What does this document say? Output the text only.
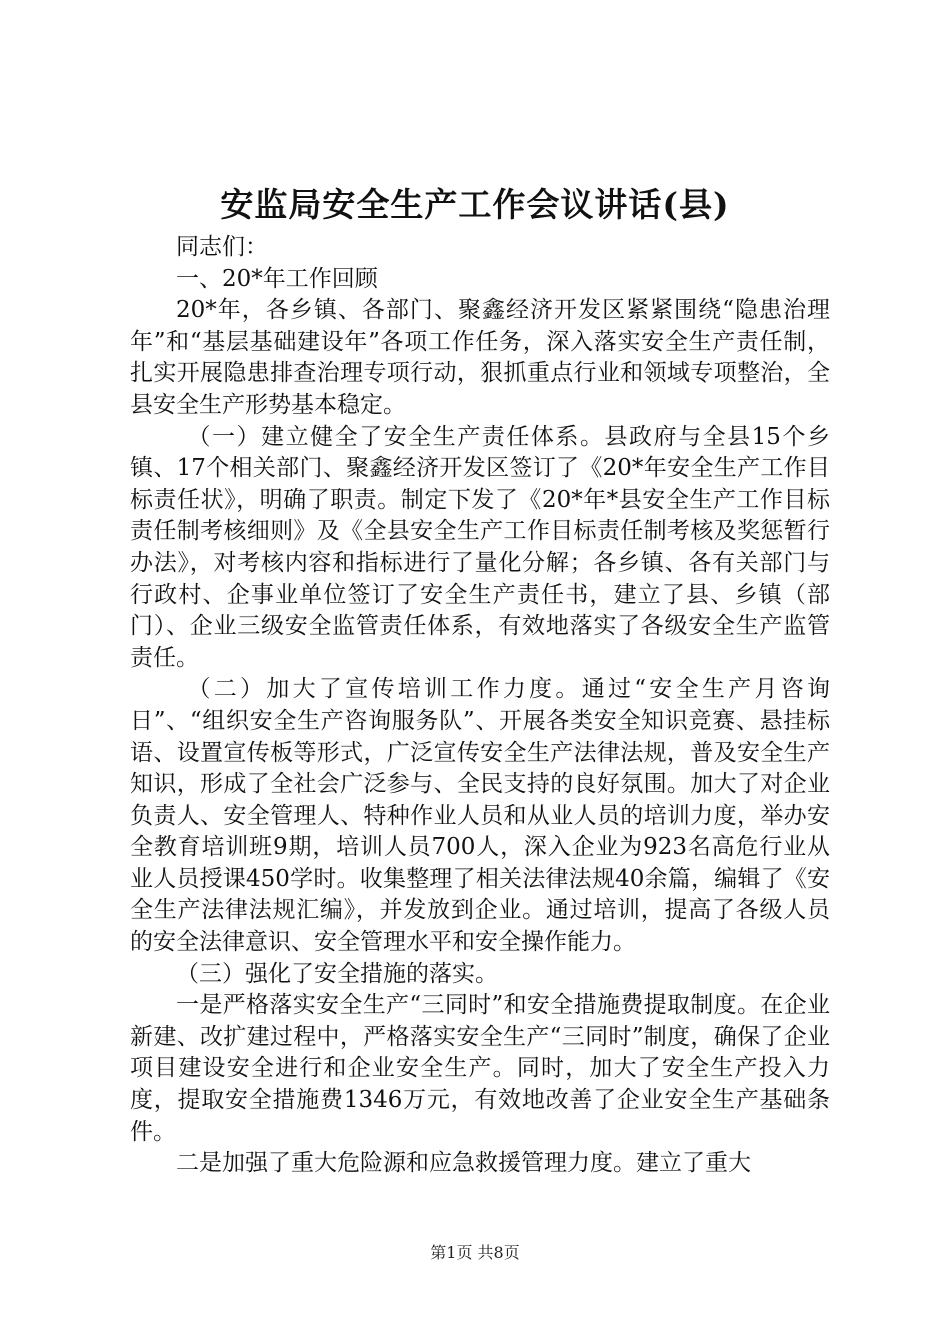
安监局安全生产工作会议讲话(县)

同志们：

一、20*年工作回顾

20*年，各乡镇、各部门、聚鑫经济开发区紧紧围绕“隐患治理年”和“基层基础建设年”各项工作任务，深入落实安全生产责任制，扎实开展隐患排查治理专项行动，狠抓重点行业和领域专项整治，全县安全生产形势基本稳定。

（一）建立健全了安全生产责任体系。县政府与全县15个乡镇、17个相关部门、聚鑫经济开发区签订了《20*年安全生产工作目标责任状》，明确了职责。制定下发了《20*年*县安全生产工作目标责任制考核细则》及《全县安全生产工作目标责任制考核及奖惩暂行办法》，对考核内容和指标进行了量化分解；各乡镇、各有关部门与行政村、企事业单位签订了安全生产责任书，建立了县、乡镇（部门）、企业三级安全监管责任体系，有效地落实了各级安全生产监管责任。

（二）加大了宣传培训工作力度。通过“安全生产月咨询日”、“组织安全生产咨询服务队”、开展各类安全知识竞赛、悬挂标语、设置宣传板等形式，广泛宣传安全生产法律法规，普及安全生产知识，形成了全社会广泛参与、全民支持的良好氛围。加大了对企业负责人、安全管理人、特种作业人员和从业人员的培训力度，举办安全教育培训班9期，培训人员700人，深入企业为923名高危行业从业人员授课450学时。收集整理了相关法律法规40余篇，编辑了《安全生产法律法规汇编》，并发放到企业。通过培训，提高了各级人员的安全法律意识、安全管理水平和安全操作能力。

（三）强化了安全措施的落实。

一是严格落实安全生产“三同时”和安全措施费提取制度。在企业新建、改扩建过程中，严格落实安全生产“三同时”制度，确保了企业项目建设安全进行和企业安全生产。同时，加大了安全生产投入力度，提取安全措施费1346万元，有效地改善了企业安全生产基础条件。

二是加强了重大危险源和应急救援管理力度。建立了重大

第1页 共8页
